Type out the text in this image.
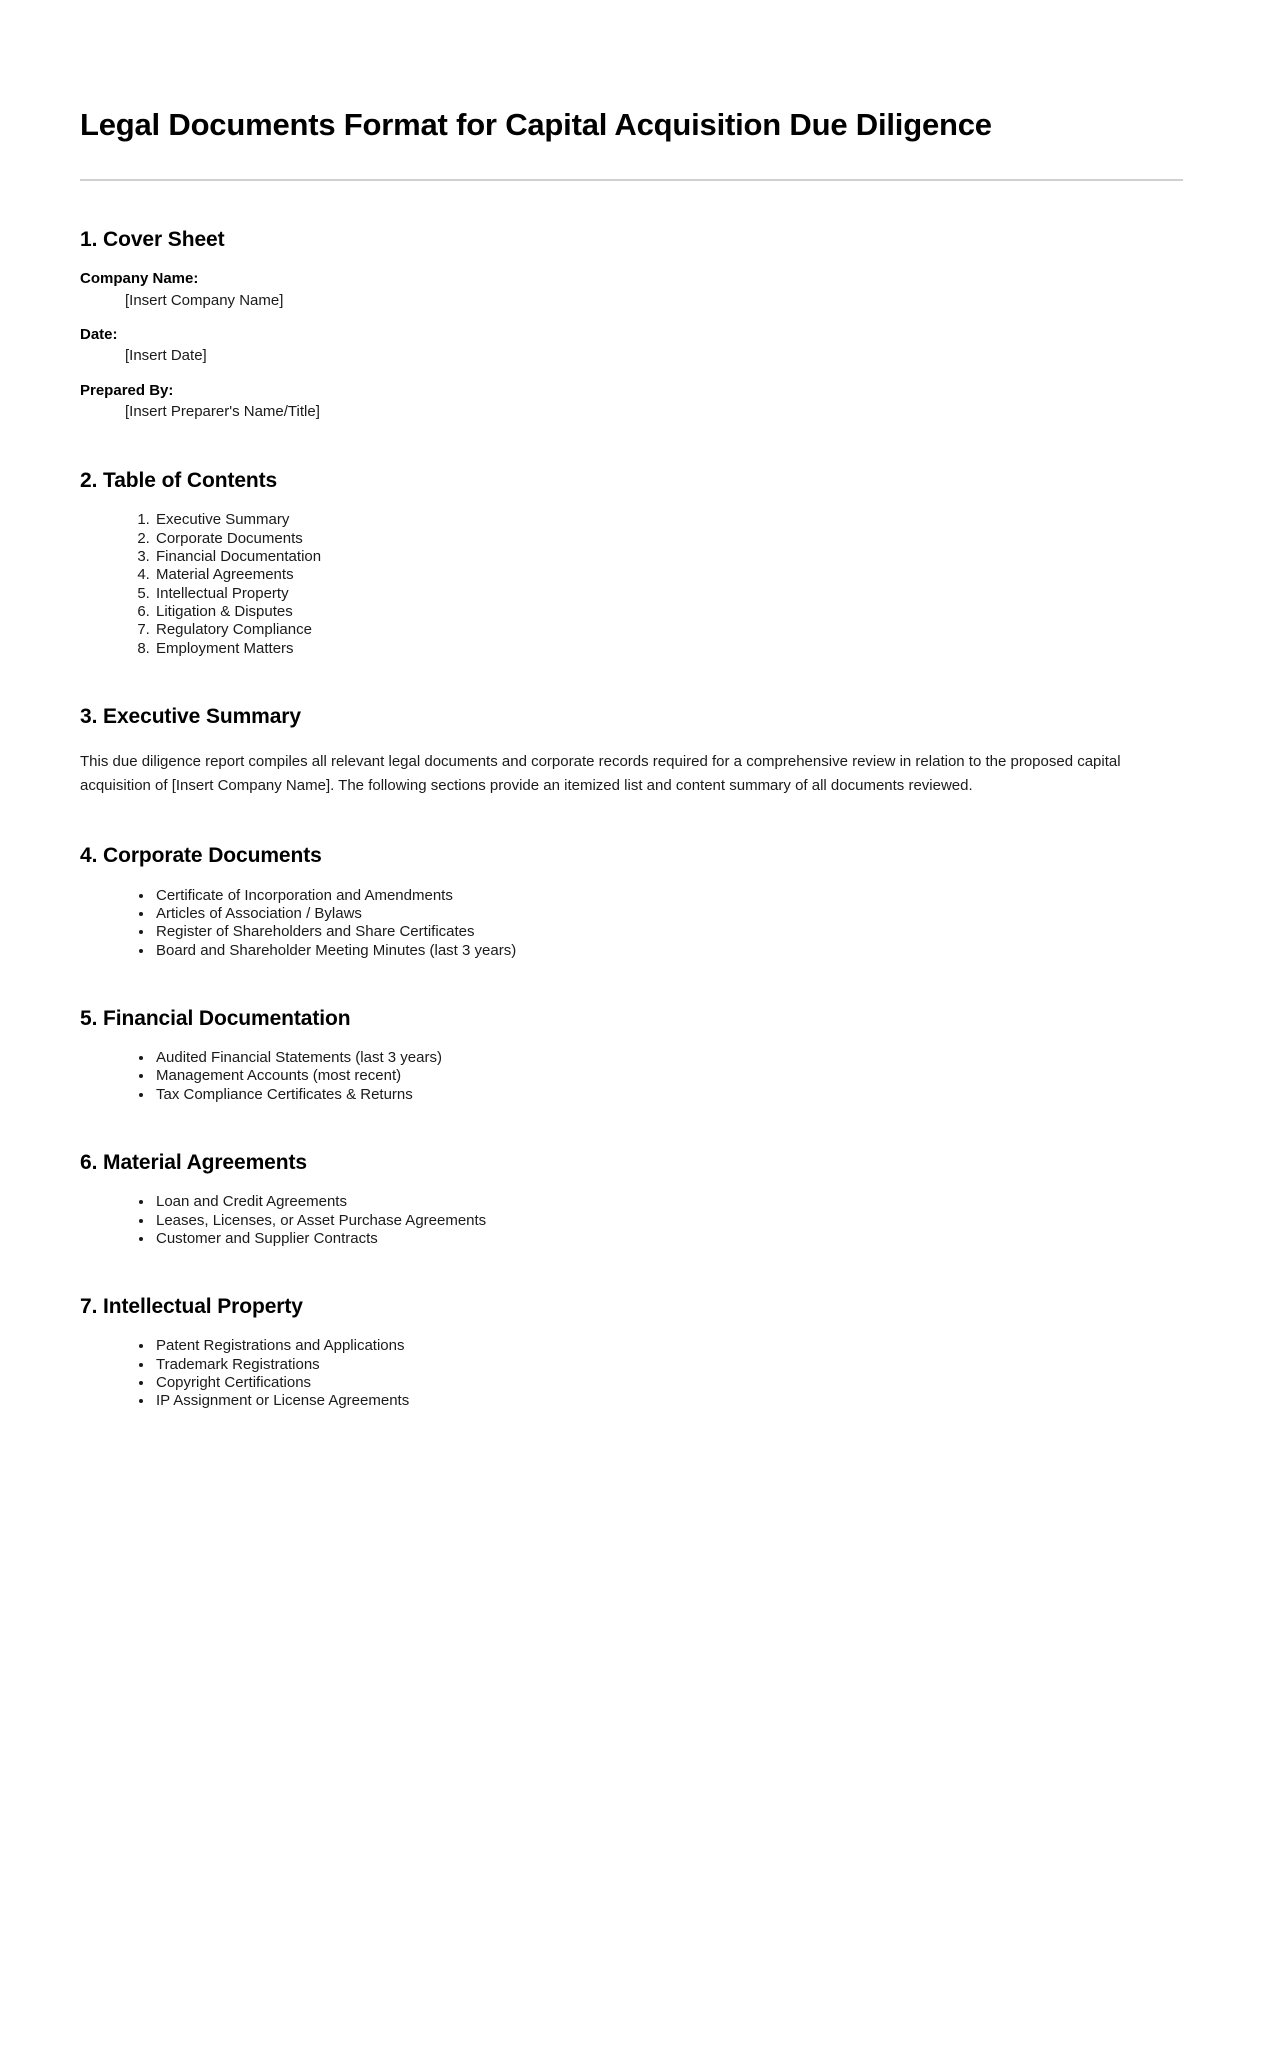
Legal Documents Format for Capital Acquisition Due Diligence
1. Cover Sheet

Company Name:
[Insert Company Name]

Date:
[Insert Date]

Prepared By:
[Insert Preparer's Name/Title]

2. Table of Contents
1. Executive Summary
2. Corporate Documents
3. Financial Documentation
4. Material Agreements
5. Intellectual Property
6. Litigation & Disputes
7. Regulatory Compliance
8. Employment Matters
3. Executive Summary

This due diligence report compiles all relevant legal documents and corporate records required for a comprehensive review in relation to the proposed capital acquisition of [Insert Company Name]. The following sections provide an itemized list and content summary of all documents reviewed.

4. Corporate Documents
• Certificate of Incorporation and Amendments
• Articles of Association / Bylaws
• Register of Shareholders and Share Certificates
• Board and Shareholder Meeting Minutes (last 3 years)
5. Financial Documentation
• Audited Financial Statements (last 3 years)
• Management Accounts (most recent)
• Tax Compliance Certificates & Returns
6. Material Agreements
• Loan and Credit Agreements
• Leases, Licenses, or Asset Purchase Agreements
• Customer and Supplier Contracts
7. Intellectual Property
• Patent Registrations and Applications
• Trademark Registrations
• Copyright Certifications
• IP Assignment or License Agreements
